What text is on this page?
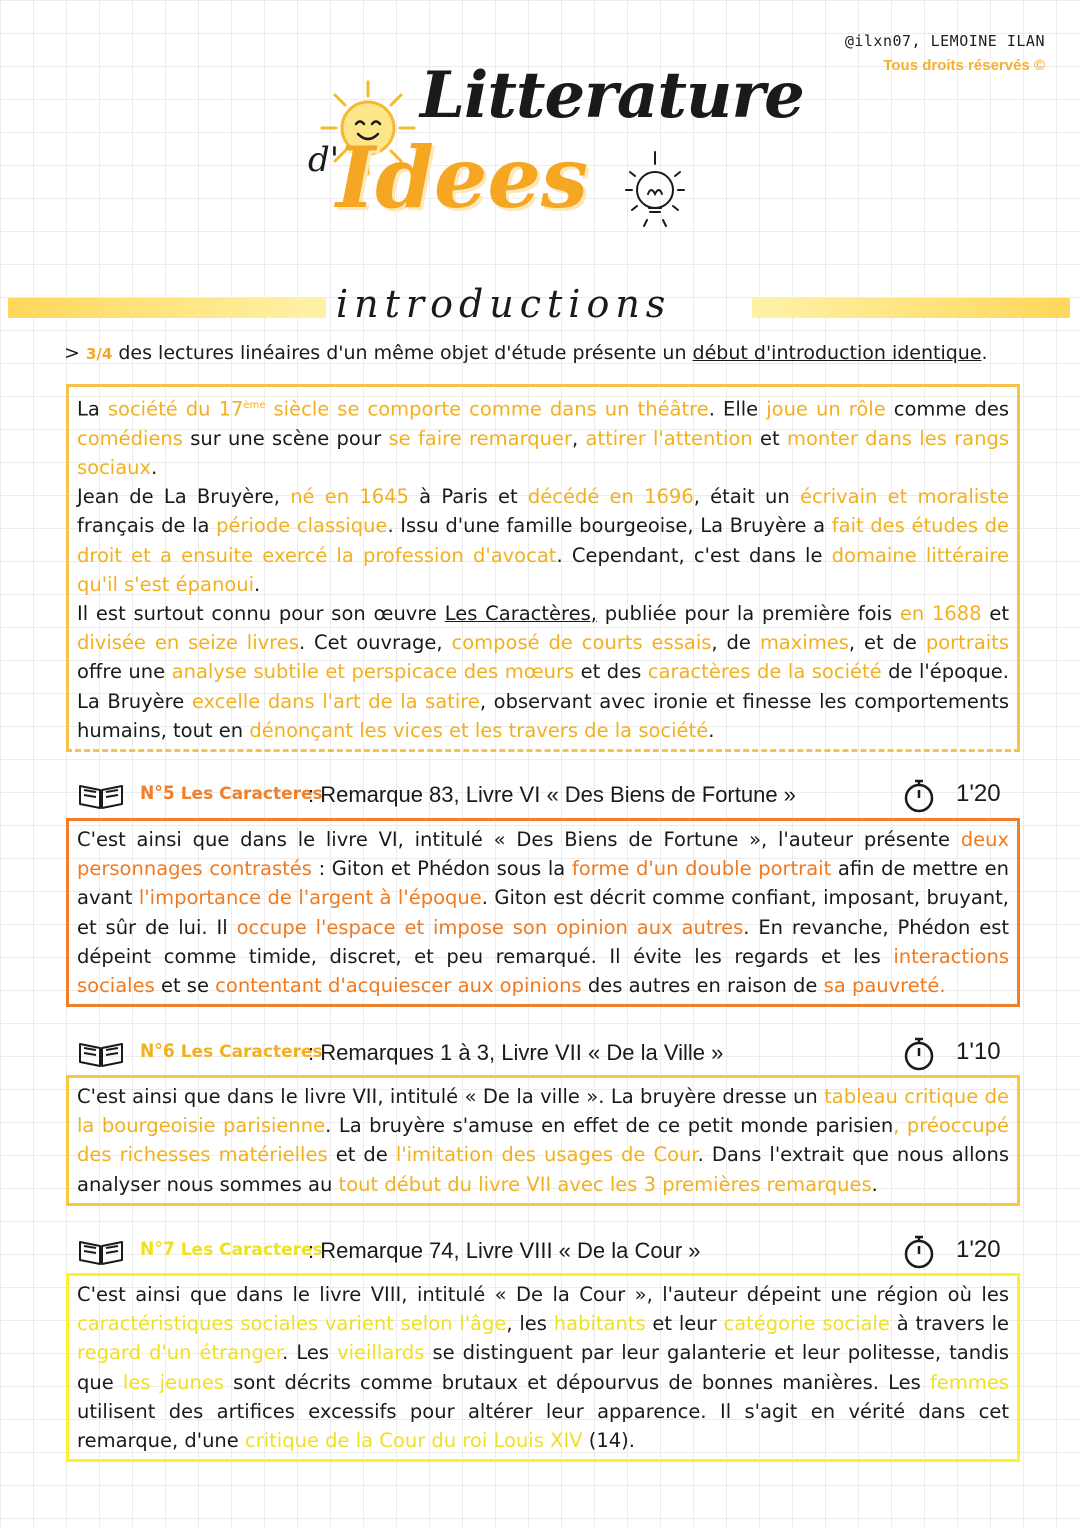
@ilxn07, LEMOINE ILAN
Tous droits réservés ©
Litterature
d'
Idees
introductions
> 3/4 des lectures linéaires d'un même objet d'étude présente un début d'introduction identique.
La société du 17ème siècle se comporte comme dans un théâtre. Elle joue un rôle comme des comédiens sur une scène pour se faire remarquer, attirer l'attention et monter dans les rangs sociaux.
Jean de La Bruyère, né en 1645 à Paris et décédé en 1696, était un écrivain et moraliste français de la période classique. Issu d'une famille bourgeoise, La Bruyère a fait des études de droit et a ensuite exercé la profession d'avocat. Cependant, c'est dans le domaine littéraire qu'il s'est épanoui.
Il est surtout connu pour son œuvre Les Caractères, publiée pour la première fois en 1688 et divisée en seize livres. Cet ouvrage, composé de courts essais, de maximes, et de portraits offre une analyse subtile et perspicace des mœurs et des caractères de la société de l'époque. La Bruyère excelle dans l'art de la satire, observant avec ironie et finesse les comportements humains, tout en dénonçant les vices et les travers de la société.
N°5 Les Caracteres
: Remarque 83, Livre VI « Des Biens de Fortune »	1'20
C'est ainsi que dans le livre VI, intitulé « Des Biens de Fortune », l'auteur présente deux personnages contrastés : Giton et Phédon sous la forme d'un double portrait afin de mettre en avant l'importance de l'argent à l'époque. Giton est décrit comme confiant, imposant, bruyant, et sûr de lui. Il occupe l'espace et impose son opinion aux autres. En revanche, Phédon est dépeint comme timide, discret, et peu remarqué. Il évite les regards et les interactions sociales et se contentant d'acquiescer aux opinions des autres en raison de sa pauvreté.
N°6 Les Caracteres
: Remarques 1 à 3, Livre VII « De la Ville »	1'10
C'est ainsi que dans le livre VII, intitulé « De la ville ». La bruyère dresse un tableau critique de la bourgeoisie parisienne. La bruyère s'amuse en effet de ce petit monde parisien, préoccupé des richesses matérielles et de l'imitation des usages de Cour. Dans l'extrait que nous allons analyser nous sommes au tout début du livre VII avec les 3 premières remarques.
N°7 Les Caracteres
: Remarque 74, Livre VIII « De la Cour »	1'20
C'est ainsi que dans le livre VIII, intitulé « De la Cour », l'auteur dépeint une région où les caractéristiques sociales varient selon l'âge, les habitants et leur catégorie sociale à travers le regard d'un étranger. Les vieillards se distinguent par leur galanterie et leur politesse, tandis que les jeunes sont décrits comme brutaux et dépourvus de bonnes manières. Les femmes utilisent des artifices excessifs pour altérer leur apparence. Il s'agit en vérité dans cet remarque, d'une critique de la Cour du roi Louis XIV (14).
